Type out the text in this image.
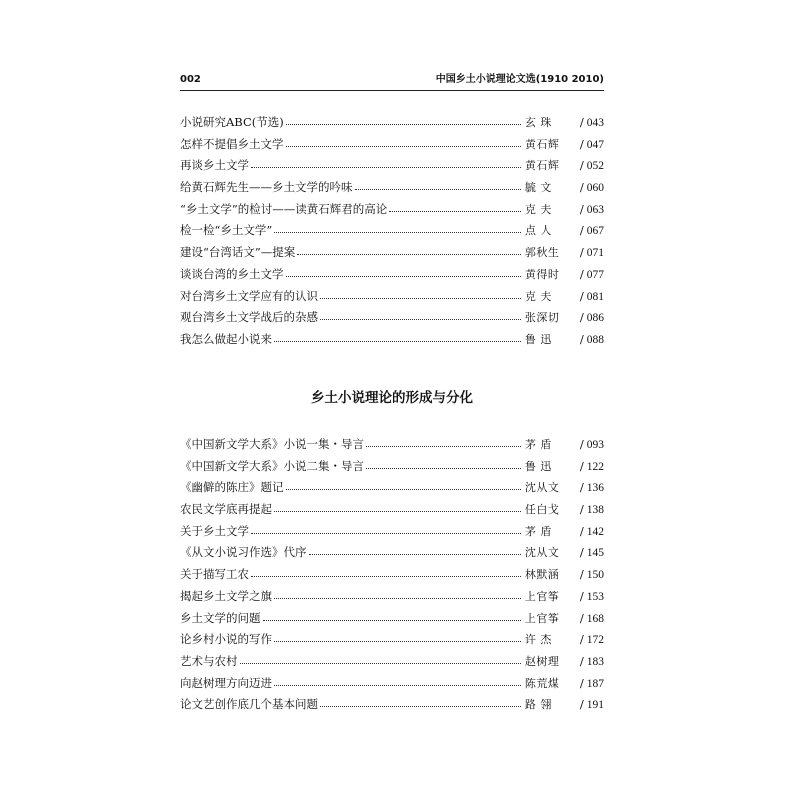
002	中国乡土小说理论文选(1910 2010)
小说研究ABC(节选)	玄 珠	/ 043
怎样不提倡乡土文学	黄石辉	/ 047
再谈乡土文学	黄石辉	/ 052
给黄石辉先生——乡土文学的吟味	毓 文	/ 060
“乡土文学”的检讨——读黄石辉君的高论	克 夫	/ 063
检一检“乡土文学”	点 人	/ 067
建设“台湾话文”—提案	郭秋生	/ 071
谈谈台湾的乡土文学	黄得时	/ 077
对台湾乡土文学应有的认识	克 夫	/ 081
观台湾乡土文学战后的杂感	张深切	/ 086
我怎么做起小说来	鲁 迅	/ 088
乡土小说理论的形成与分化
《中国新文学大系》小说一集・导言	茅 盾	/ 093
《中国新文学大系》小说二集・导言	鲁 迅	/ 122
《幽僻的陈庄》题记	沈从文	/ 136
农民文学底再提起	任白戈	/ 138
关于乡土文学	茅 盾	/ 142
《从文小说习作选》代序	沈从文	/ 145
关于描写工农	林默涵	/ 150
揭起乡土文学之旗	上官筝	/ 153
乡土文学的问题	上官筝	/ 168
论乡村小说的写作	许 杰	/ 172
艺术与农村	赵树理	/ 183
向赵树理方向迈进	陈荒煤	/ 187
论文艺创作底几个基本问题	路 翎	/ 191
